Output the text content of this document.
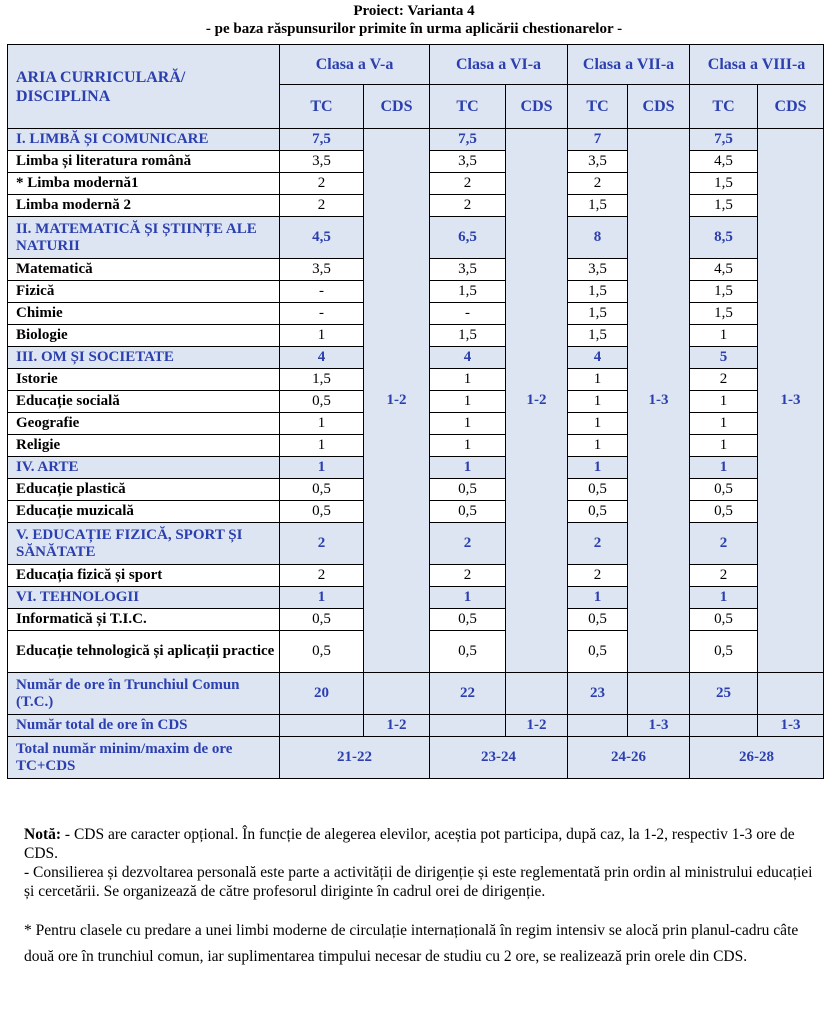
Proiect: Varianta 4
- pe baza răspunsurilor primite în urma aplicării chestionarelor -
ARIA CURRICULARĂ/ DISCIPLINA	Clasa a V-a		Clasa a VI-a		Clasa a VII-a		Clasa a VIII-a	
	TC	CDS	TC	CDS	TC	CDS	TC	CDS
I. LIMBĂ ȘI COMUNICARE	7,5	1-2	7,5	1-2	7	1-3	7,5	1-3
Limba și literatura română	3,5		3,5		3,5		4,5	
* Limba modernă1	2		2		2		1,5	
Limba modernă 2	2		2		1,5		1,5	
II. MATEMATICĂ ȘI ȘTIINȚE ALE NATURII	4,5		6,5		8		8,5	
Matematică	3,5		3,5		3,5		4,5	
Fizică	-		1,5		1,5		1,5	
Chimie	-		-		1,5		1,5	
Biologie	1		1,5		1,5		1	
III. OM ȘI SOCIETATE	4		4		4		5	
Istorie	1,5		1		1		2	
Educație socială	0,5		1		1		1	
Geografie	1		1		1		1	
Religie	1		1		1		1	
IV. ARTE	1		1		1		1	
Educație plastică	0,5		0,5		0,5		0,5	
Educație muzicală	0,5		0,5		0,5		0,5	
V. EDUCAȚIE FIZICĂ, SPORT ȘI SĂNĂTATE	2		2		2		2	
Educația fizică și sport	2		2		2		2	
VI. TEHNOLOGII	1		1		1		1	
Informatică și T.I.C.	0,5		0,5		0,5		0,5	
Educație tehnologică și aplicații practice	0,5		0,5		0,5		0,5	
Număr de ore în Trunchiul Comun (T.C.)	20		22		23		25	
Număr total de ore în CDS		1-2		1-2		1-3		1-3
Total număr minim/maxim de ore TC+CDS	21-22		23-24		24-26		26-28	

Notă: - CDS are caracter opțional. În funcție de alegerea elevilor, aceștia pot participa, după caz, la 1-2, respectiv 1-3 ore de CDS.

- Consilierea și dezvoltarea personală este parte a activității de dirigenție și este reglementată prin ordin al ministrului educației și cercetării. Se organizează de către profesorul diriginte în cadrul orei de dirigenție.

* Pentru clasele cu predare a unei limbi moderne de circulație internațională în regim intensiv se alocă prin planul-cadru câte două ore în trunchiul comun, iar suplimentarea timpului necesar de studiu cu 2 ore, se realizează prin orele din CDS.
